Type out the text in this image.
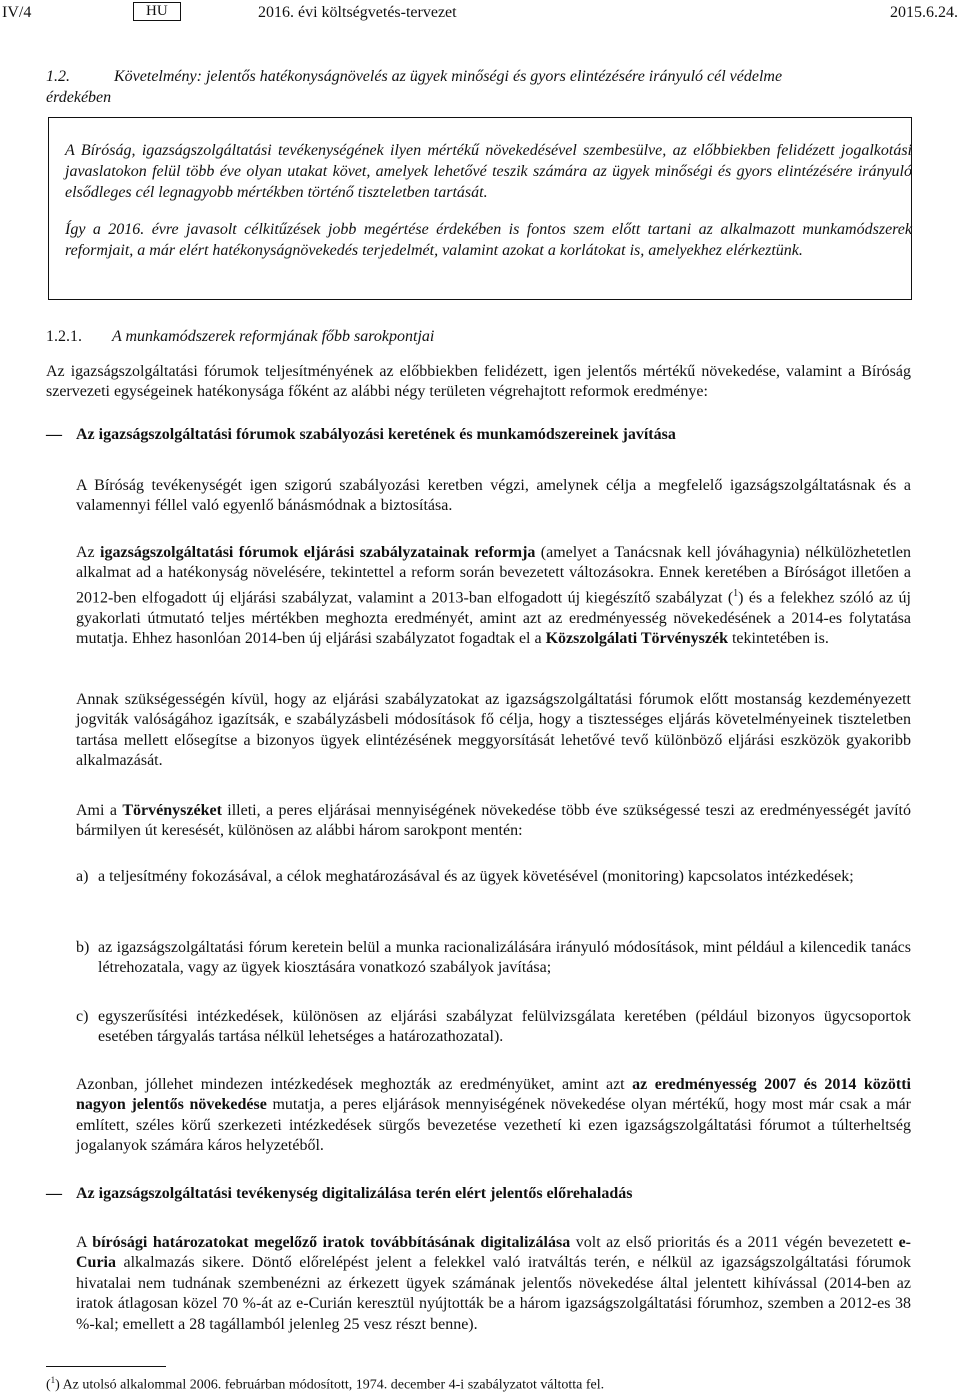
IV/4	HU	2016. évi költségvetés-tervezet	2015.6.24.
1.2.	Követelmény: jelentős hatékonyságnövelés az ügyek minőségi és gyors elintézésére irányuló cél védelme
érdekében

A Bíróság, igazságszolgáltatási tevékenységének ilyen mértékű növekedésével szembesülve, az előbbiekben felidézett jogalkotási javaslatokon felül több éve olyan utakat követ, amelyek lehetővé teszik számára az ügyek minőségi és gyors elintézésére irányuló elsődleges cél legnagyobb mértékben történő tiszteletben tartását.

Így a 2016. évre javasolt célkitűzések jobb megértése érdekében is fontos szem előtt tartani az alkalmazott munkamódszerek reformjait, a már elért hatékonyságnövekedés terjedelmét, valamint azokat a korlátokat is, amelyekhez elérkeztünk.

1.2.1. A munkamódszerek reformjának főbb sarokpontjai

Az igazságszolgáltatási fórumok teljesítményének az előbbiekben felidézett, igen jelentős mértékű növekedése, valamint a Bíróság szervezeti egységeinek hatékonysága főként az alábbi négy területen végrehajtott reformok eredménye:

— Az igazságszolgáltatási fórumok szabályozási keretének és munkamódszereinek javítása

A Bíróság tevékenységét igen szigorú szabályozási keretben végzi, amelynek célja a megfelelő igazságszolgáltatásnak és a valamennyi féllel való egyenlő bánásmódnak a biztosítása.

Az igazságszolgáltatási fórumok eljárási szabályzatainak reformja (amelyet a Tanácsnak kell jóváhagynia) nélkülözhetetlen alkalmat ad a hatékonyság növelésére, tekintettel a reform során bevezetett változásokra. Ennek keretében a Bíróságot illetően a 2012-ben elfogadott új eljárási szabályzat, valamint a 2013-ban elfogadott új kiegészítő szabályzat ($^1$) és a felekhez szóló az új gyakorlati útmutató teljes mértékben meghozta eredményét, amint azt az eredményesség növekedésének a 2014-es folytatása mutatja. Ehhez hasonlóan 2014-ben új eljárási szabályzatot fogadtak el a Közszolgálati Törvényszék tekintetében is.

Annak szükségességén kívül, hogy az eljárási szabályzatokat az igazságszolgáltatási fórumok előtt mostanság kezdeményezett jogviták valóságához igazítsák, e szabályzásbeli módosítások fő célja, hogy a tisztességes eljárás követelményeinek tiszteletben tartása mellett elősegítse a bizonyos ügyek elintézésének meggyorsítását lehetővé tevő különböző eljárási eszközök gyakoribb alkalmazását.

Ami a Törvényszéket illeti, a peres eljárásai mennyiségének növekedése több éve szükségessé teszi az eredményességét javító bármilyen út keresését, különösen az alábbi három sarokpont mentén:

a) a teljesítmény fokozásával, a célok meghatározásával és az ügyek követésével (monitoring) kapcsolatos intézkedések;
b) az igazságszolgáltatási fórum keretein belül a munka racionalizálására irányuló módosítások, mint például a kilencedik tanács létrehozatala, vagy az ügyek kiosztására vonatkozó szabályok javítása;
c) egyszerűsítési intézkedések, különösen az eljárási szabályzat felülvizsgálata keretében (például bizonyos ügycsoportok esetében tárgyalás tartása nélkül lehetséges a határozathozatal).

Azonban, jóllehet mindezen intézkedések meghozták az eredményüket, amint azt az eredményesség 2007 és 2014 közötti nagyon jelentős növekedése mutatja, a peres eljárások mennyiségének növekedése olyan mértékű, hogy most már csak a már említett, széles körű szerkezeti intézkedések sürgős bevezetése vezethetí ki ezen igazságszolgáltatási fórumot a túlterheltség jogalanyok számára káros helyzetéből.

— Az igazságszolgáltatási tevékenység digitalizálása terén elért jelentős előrehaladás

A bírósági határozatokat megelőző iratok továbbításának digitalizálása volt az első prioritás és a 2011 végén bevezetett e-Curia alkalmazás sikere. Döntő előrelépést jelent a felekkel való iratváltás terén, e nélkül az igazságszolgáltatási fórumok hivatalai nem tudnának szembenézni az érkezett ügyek számának jelentős növekedése által jelentett kihívással (2014-ben az iratok átlagosan közel 70 %-át az e-Curián keresztül nyújtották be a három igazságszolgáltatási fórumhoz, szemben a 2012-es 38 %-kal; emellett a 28 tagállamból jelenleg 25 vesz részt benne).

($^1$) Az utolsó alkalommal 2006. februárban módosított, 1974. december 4-i szabályzatot váltotta fel.
